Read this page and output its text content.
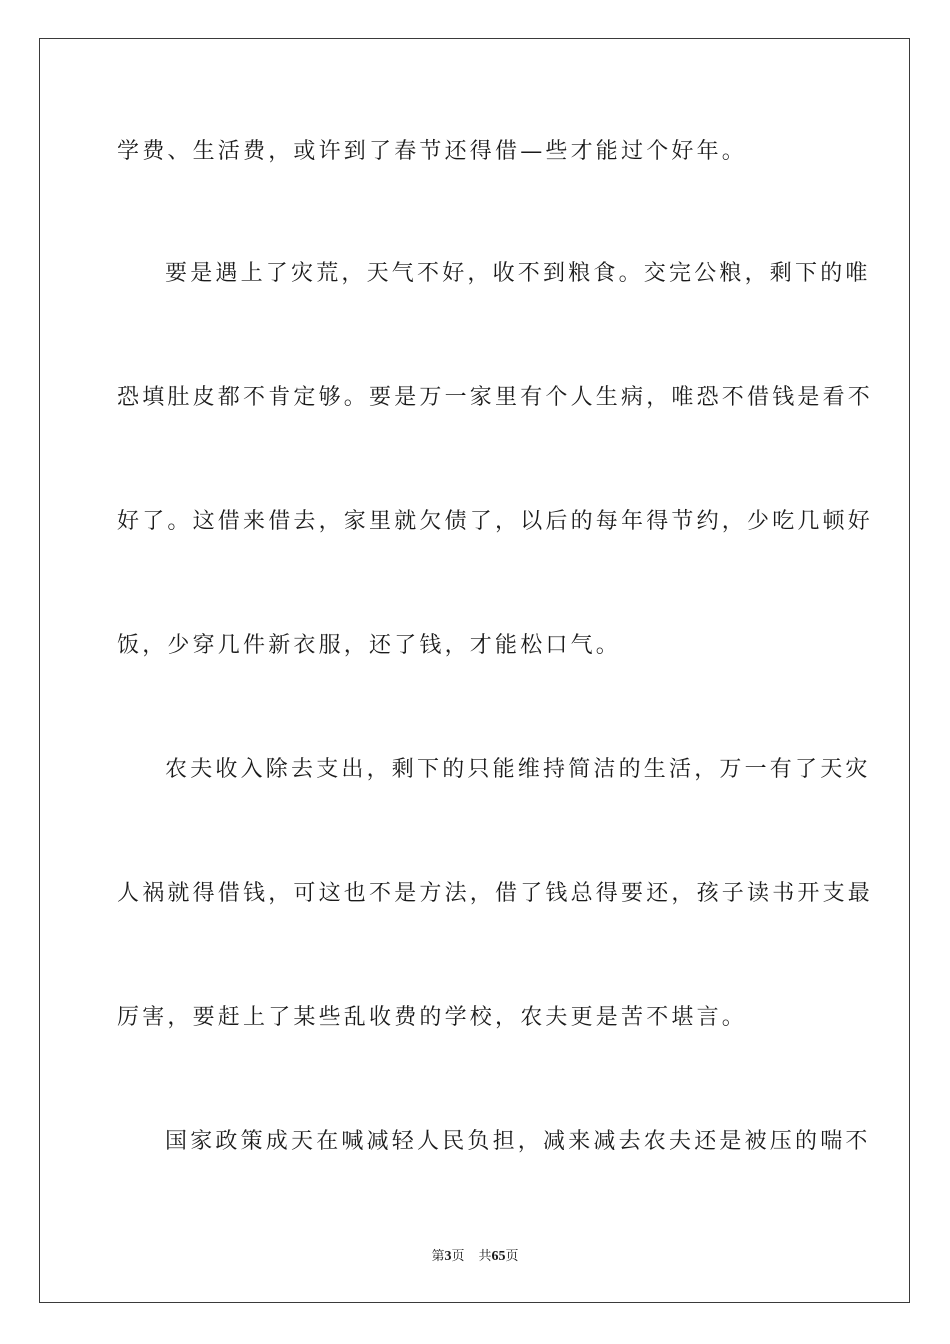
学费、生活费，或许到了春节还得借—些才能过个好年。
要是遇上了灾荒，天气不好，收不到粮食。交完公粮，剩下的唯
恐填肚皮都不肯定够。要是万一家里有个人生病，唯恐不借钱是看不
好了。这借来借去，家里就欠债了，以后的每年得节约，少吃几顿好
饭，少穿几件新衣服，还了钱，才能松口气。
农夫收入除去支出，剩下的只能维持简洁的生活，万一有了天灾
人祸就得借钱，可这也不是方法，借了钱总得要还，孩子读书开支最
厉害，要赶上了某些乱收费的学校，农夫更是苦不堪言。
国家政策成天在喊减轻人民负担，减来减去农夫还是被压的喘不
第3页 共65页
